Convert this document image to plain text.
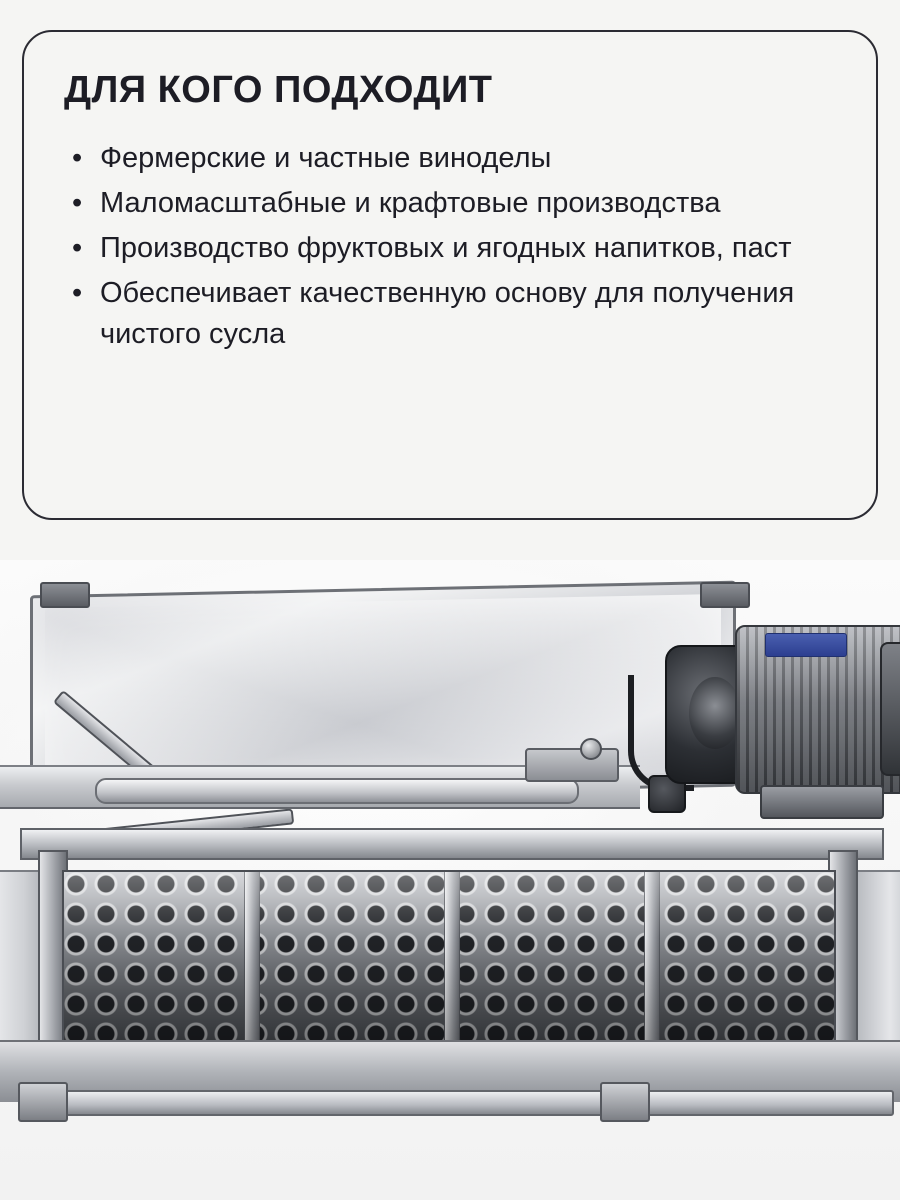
ДЛЯ КОГО ПОДХОДИТ
• Фермерские и частные виноделы
• Маломасштабные и крафтовые производства
• Производство фруктовых и ягодных напитков, паст
• Обеспечивает качественную основу для получения чистого сусла
